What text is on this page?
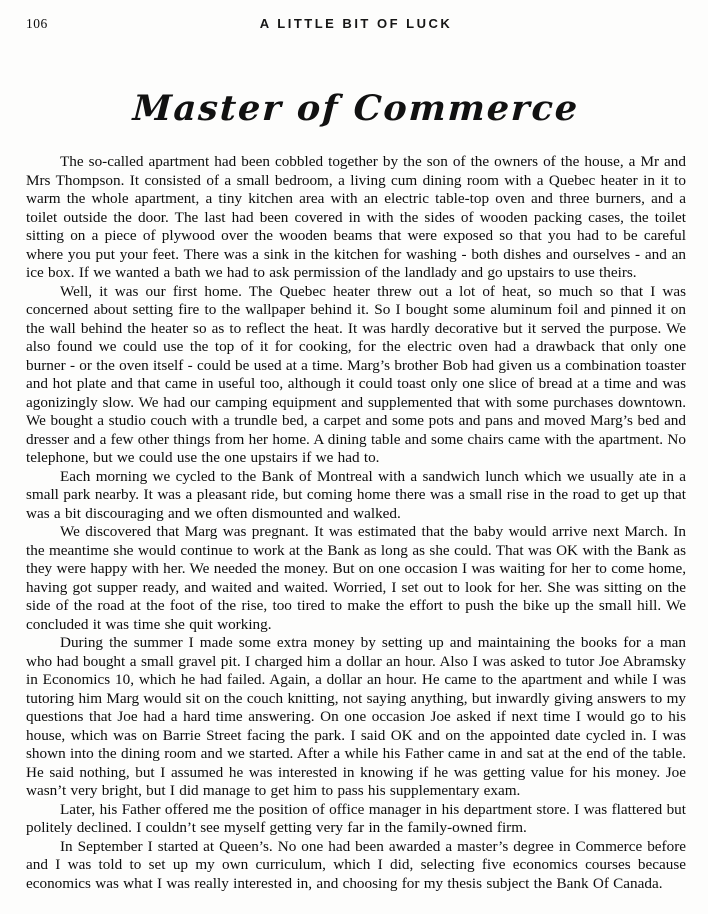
106	A LITTLE BIT OF LUCK
Master of Commerce

The so-called apartment had been cobbled together by the son of the owners of the house, a Mr and Mrs Thompson. It consisted of a small bedroom, a living cum dining room with a Quebec heater in it to warm the whole apartment, a tiny kitchen area with an electric table-top oven and three burners, and a toilet outside the door. The last had been covered in with the sides of wooden packing cases, the toilet sitting on a piece of plywood over the wooden beams that were exposed so that you had to be careful where you put your feet. There was a sink in the kitchen for washing - both dishes and ourselves - and an ice box. If we wanted a bath we had to ask permission of the landlady and go upstairs to use theirs.

Well, it was our first home. The Quebec heater threw out a lot of heat, so much so that I was concerned about setting fire to the wallpaper behind it. So I bought some aluminum foil and pinned it on the wall behind the heater so as to reflect the heat. It was hardly decorative but it served the purpose. We also found we could use the top of it for cooking, for the electric oven had a drawback that only one burner - or the oven itself - could be used at a time. Marg’s brother Bob had given us a combination toaster and hot plate and that came in useful too, although it could toast only one slice of bread at a time and was agonizingly slow. We had our camping equipment and supplemented that with some purchases downtown. We bought a studio couch with a trundle bed, a carpet and some pots and pans and moved Marg’s bed and dresser and a few other things from her home. A dining table and some chairs came with the apartment. No telephone, but we could use the one upstairs if we had to.

Each morning we cycled to the Bank of Montreal with a sandwich lunch which we usually ate in a small park nearby. It was a pleasant ride, but coming home there was a small rise in the road to get up that was a bit discouraging and we often dismounted and walked.

We discovered that Marg was pregnant. It was estimated that the baby would arrive next March. In the meantime she would continue to work at the Bank as long as she could. That was OK with the Bank as they were happy with her. We needed the money. But on one occasion I was waiting for her to come home, having got supper ready, and waited and waited. Worried, I set out to look for her. She was sitting on the side of the road at the foot of the rise, too tired to make the effort to push the bike up the small hill. We concluded it was time she quit working.

During the summer I made some extra money by setting up and maintaining the books for a man who had bought a small gravel pit. I charged him a dollar an hour. Also I was asked to tutor Joe Abramsky in Economics 10, which he had failed. Again, a dollar an hour. He came to the apartment and while I was tutoring him Marg would sit on the couch knitting, not saying anything, but inwardly giving answers to my questions that Joe had a hard time answering. On one occasion Joe asked if next time I would go to his house, which was on Barrie Street facing the park. I said OK and on the appointed date cycled in. I was shown into the dining room and we started. After a while his Father came in and sat at the end of the table. He said nothing, but I assumed he was interested in knowing if he was getting value for his money. Joe wasn’t very bright, but I did manage to get him to pass his supplementary exam.

Later, his Father offered me the position of office manager in his department store. I was flattered but politely declined. I couldn’t see myself getting very far in the family-owned firm.

In September I started at Queen’s. No one had been awarded a master’s degree in Commerce before and I was told to set up my own curriculum, which I did, selecting five economics courses because economics was what I was really interested in, and choosing for my thesis subject the Bank Of Canada.
